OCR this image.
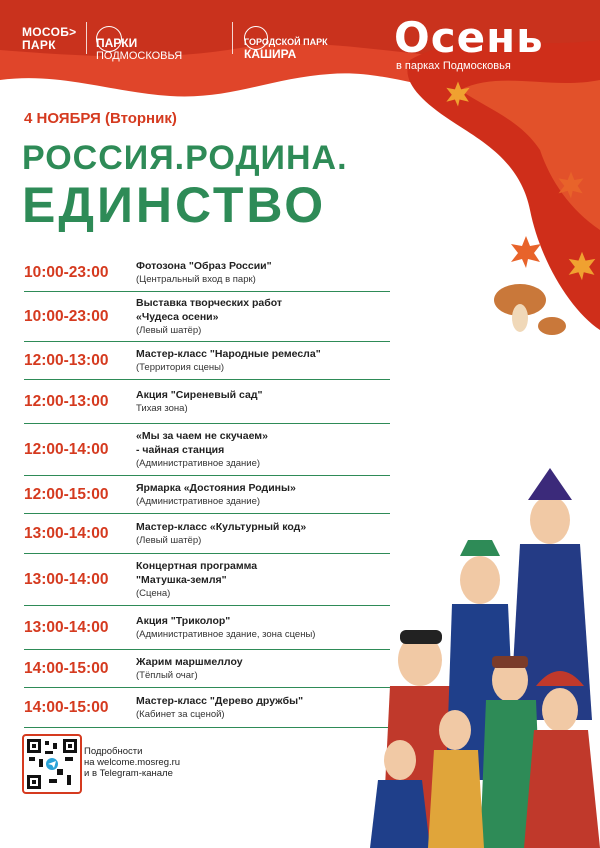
МОСОБ>
ПАРК	ПАРКИ
ПОДМОСКОВЬЯ
ГОРОДСКОЙ ПАРК
КАШИРА	Осень
в парках Подмосковья
4 НОЯБРЯ (Вторник)
РОССИЯ.РОДИНА.
ЕДИНСТВО
10:00-23:00	Фотозона "Образ России"
(Центральный вход в парк)
10:00-23:00
Выставка творческих работ
«Чудеса осени»
(Левый шатёр)
12:00-13:00	Мастер-класс "Народные ремесла"
(Территория сцены)
12:00-13:00	Акция "Сиреневый сад"
Тихая зона)
12:00-14:00
«Мы за чаем не скучаем»
- чайная станция
(Административное здание)
12:00-15:00	Ярмарка «Достояния Родины»
(Административное здание)
13:00-14:00	Мастер-класс «Культурный код»
(Левый шатёр)
13:00-14:00
Концертная программа
"Матушка-земля"
(Сцена)
13:00-14:00	Акция "Триколор"
(Административное здание, зона сцены)
14:00-15:00	Жарим маршмеллоу
(Тёплый очаг)
14:00-15:00	Мастер-класс "Дерево дружбы"
(Кабинет за сценой)
Подробности
на welcome.mosreg.ru
и в Telegram-канале
